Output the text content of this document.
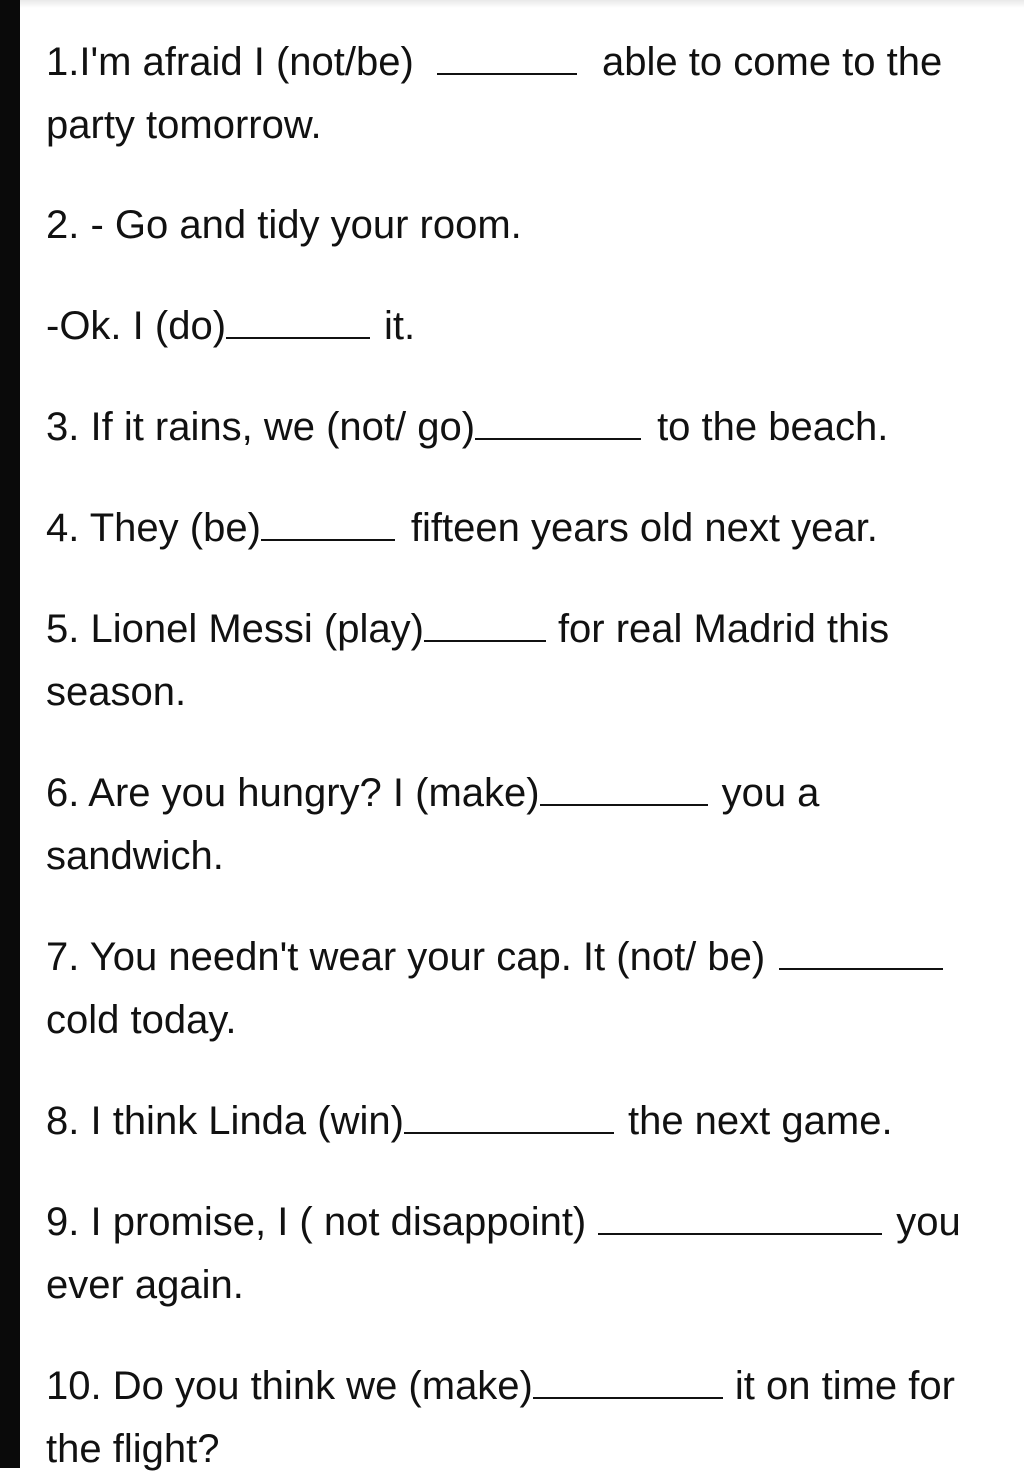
1.I'm afraid I (not/be)	able to come to the
party tomorrow.
2. - Go and tidy your room.
-Ok. I (do)	it.
3. If it rains, we (not/ go)	to the beach.
4. They (be)	fifteen years old next year.
5. Lionel Messi (play)	for real Madrid this
season.
6. Are you hungry? I (make)	you a
sandwich.
7. You needn't wear your cap. It (not/ be)
cold today.
8. I think Linda (win)	the next game.
9. I promise, I ( not disappoint)	you
ever again.
10. Do you think we (make)	it on time for
the flight?
